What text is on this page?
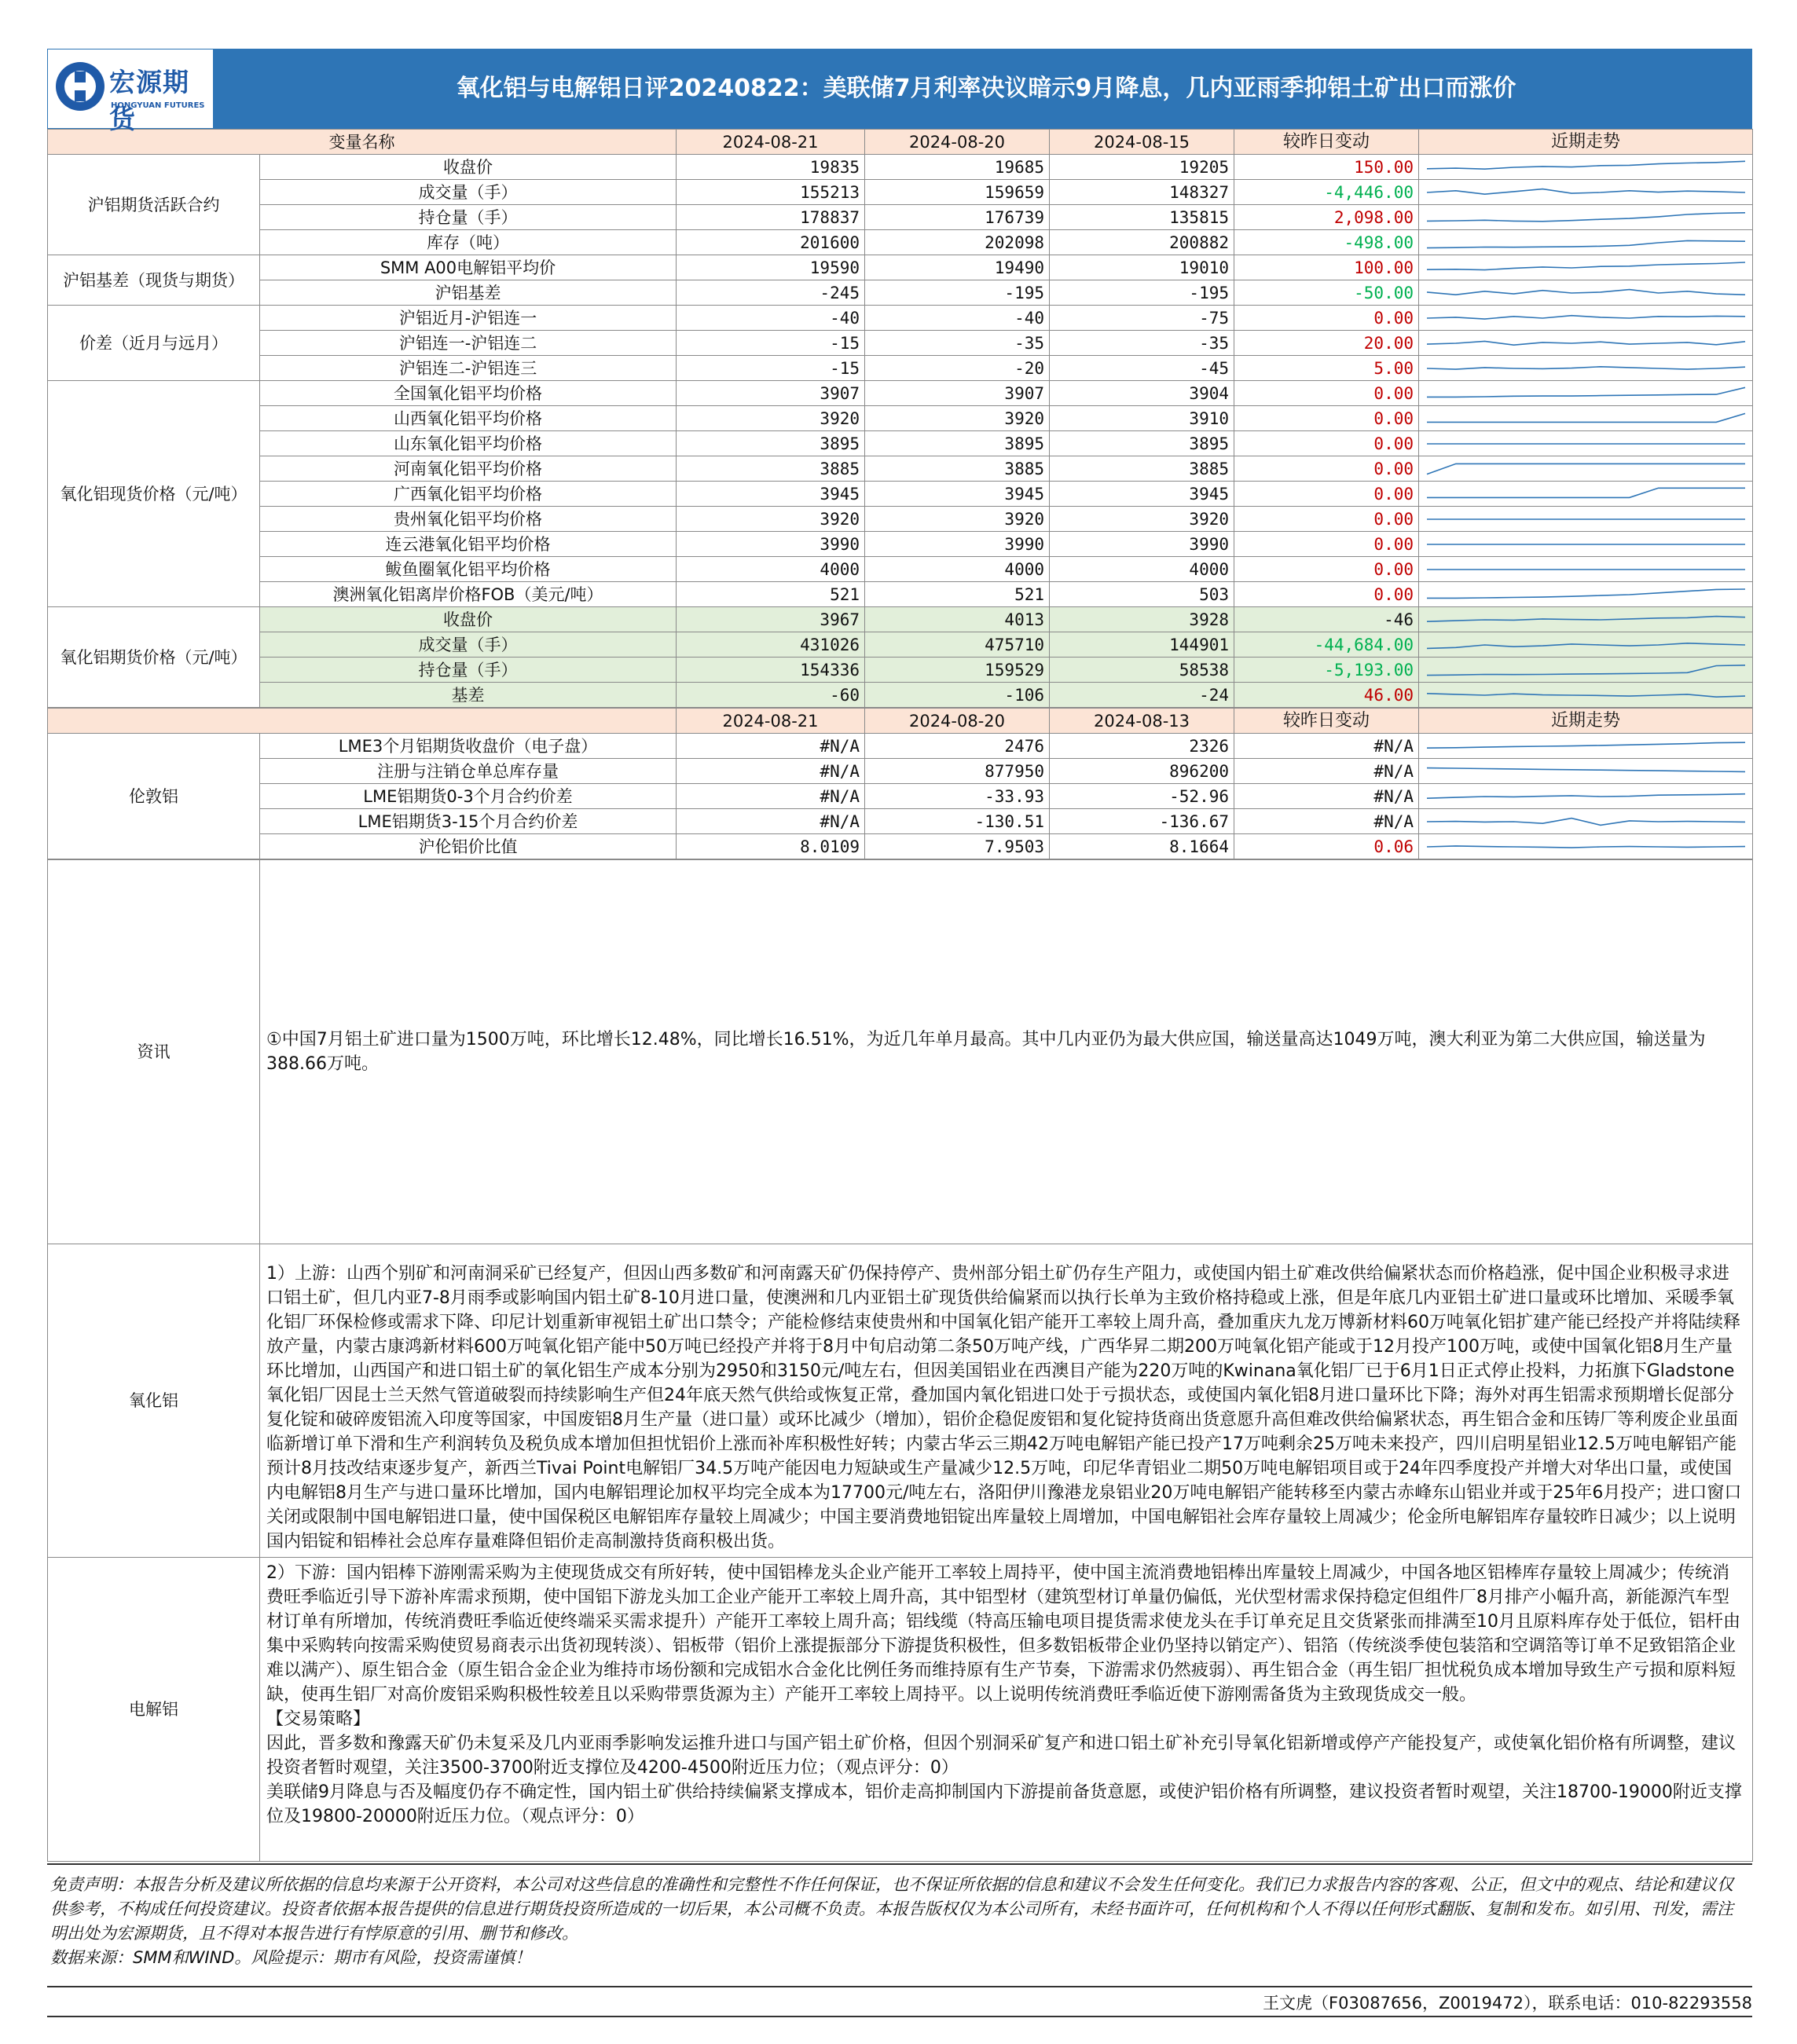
宏源期货
HONGYUAN FUTURES
氧化铝与电解铝日评20240822：美联储7月利率决议暗示9月降息，几内亚雨季抑铝土矿出口而涨价
变量名称		2024-08-21	2024-08-20	2024-08-15	较昨日变动	近期走势
沪铝期货活跃合约	收盘价	19835	19685	19205	150.00	

	成交量（手）	155213	159659	148327	-4,446.00	

	持仓量（手）	178837	176739	135815	2,098.00	

	库存（吨）	201600	202098	200882	-498.00	

沪铝基差（现货与期货）	SMM A00电解铝平均价	19590	19490	19010	100.00	

	沪铝基差	-245	-195	-195	-50.00	

价差（近月与远月）	沪铝近月-沪铝连一	-40	-40	-75	0.00	

	沪铝连一-沪铝连二	-15	-35	-35	20.00	

	沪铝连二-沪铝连三	-15	-20	-45	5.00	

氧化铝现货价格（元/吨）	全国氧化铝平均价格	3907	3907	3904	0.00	

	山西氧化铝平均价格	3920	3920	3910	0.00	

	山东氧化铝平均价格	3895	3895	3895	0.00	

	河南氧化铝平均价格	3885	3885	3885	0.00	

	广西氧化铝平均价格	3945	3945	3945	0.00	

	贵州氧化铝平均价格	3920	3920	3920	0.00	

	连云港氧化铝平均价格	3990	3990	3990	0.00	

	鲅鱼圈氧化铝平均价格	4000	4000	4000	0.00	

	澳洲氧化铝离岸价格FOB（美元/吨）	521	521	503	0.00	

氧化铝期货价格（元/吨）	收盘价	3967	4013	3928	-46	

	成交量（手）	431026	475710	144901	-44,684.00	

	持仓量（手）	154336	159529	58538	-5,193.00	

	基差	-60	-106	-24	46.00	
		2024-08-21	2024-08-20	2024-08-13	较昨日变动	近期走势
伦敦铝	LME3个月铝期货收盘价（电子盘）	#N/A	2476	2326	#N/A	

	注册与注销仓单总库存量	#N/A	877950	896200	#N/A	

	LME铝期货0-3个月合约价差	#N/A	-33.93	-52.96	#N/A	

	LME铝期货3-15个月合约价差	#N/A	-130.51	-136.67	#N/A	

	沪伦铝价比值	8.0109	7.9503	8.1664	0.06	
资讯	①中国7月铝土矿进口量为1500万吨，环比增长12.48%，同比增长16.51%，为近几年单月最高。其中几内亚仍为最大供应国，输送量高达1049万吨，澳大利亚为第二大供应国，输送量为388.66万吨。
氧化铝	1）上游：山西个别矿和河南洞采矿已经复产，但因山西多数矿和河南露天矿仍保持停产、贵州部分铝土矿仍存生产阻力，或使国内铝土矿难改供给偏紧状态而价格趋涨，促中国企业积极寻求进口铝土矿，但几内亚7-8月雨季或影响国内铝土矿8-10月进口量，使澳洲和几内亚铝土矿现货供给偏紧而以执行长单为主致价格持稳或上涨，但是年底几内亚铝土矿进口量或环比增加、采暖季氧化铝厂环保检修或需求下降、印尼计划重新审视铝土矿出口禁令；产能检修结束使贵州和中国氧化铝产能开工率较上周升高，叠加重庆九龙万博新材料60万吨氧化铝扩建产能已经投产并将陆续释放产量，内蒙古康鸿新材料600万吨氧化铝产能中50万吨已经投产并将于8月中旬启动第二条50万吨产线，广西华昇二期200万吨氧化铝产能或于12月投产100万吨，或使中国氧化铝8月生产量环比增加，山西国产和进口铝土矿的氧化铝生产成本分别为2950和3150元/吨左右，但因美国铝业在西澳目产能为220万吨的Kwinana氧化铝厂已于6月1日正式停止投料，力拓旗下Gladstone氧化铝厂因昆士兰天然气管道破裂而持续影响生产但24年底天然气供给或恢复正常，叠加国内氧化铝进口处于亏损状态，或使国内氧化铝8月进口量环比下降；海外对再生铝需求预期增长促部分复化锭和破碎废铝流入印度等国家，中国废铝8月生产量（进口量）或环比减少（增加），铝价企稳促废铝和复化锭持货商出货意愿升高但难改供给偏紧状态，再生铝合金和压铸厂等利废企业虽面临新增订单下滑和生产利润转负及税负成本增加但担忧铝价上涨而补库积极性好转；内蒙古华云三期42万吨电解铝产能已投产17万吨剩余25万吨未来投产，四川启明星铝业12.5万吨电解铝产能预计8月技改结束逐步复产，新西兰Tivai Point电解铝厂34.5万吨产能因电力短缺或生产量减少12.5万吨，印尼华青铝业二期50万吨电解铝项目或于24年四季度投产并增大对华出口量，或使国内电解铝8月生产与进口量环比增加，国内电解铝理论加权平均完全成本为17700元/吨左右，洛阳伊川豫港龙泉铝业20万吨电解铝产能转移至内蒙古赤峰东山铝业并或于25年6月投产；进口窗口关闭或限制中国电解铝进口量，使中国保税区电解铝库存量较上周减少；中国主要消费地铝锭出库量较上周增加，中国电解铝社会库存量较上周减少；伦金所电解铝库存量较昨日减少；以上说明国内铝锭和铝棒社会总库存量难降但铝价走高制激持货商积极出货。
电解铝	2）下游：国内铝棒下游刚需采购为主使现货成交有所好转，使中国铝棒龙头企业产能开工率较上周持平，使中国主流消费地铝棒出库量较上周减少，中国各地区铝棒库存量较上周减少；传统消费旺季临近引导下游补库需求预期，使中国铝下游龙头加工企业产能开工率较上周升高，其中铝型材（建筑型材订单量仍偏低，光伏型材需求保持稳定但组件厂8月排产小幅升高，新能源汽车型材订单有所增加，传统消费旺季临近使终端采买需求提升）产能开工率较上周升高；铝线缆（特高压输电项目提货需求使龙头在手订单充足且交货紧张而排满至10月且原料库存处于低位，铝杆由集中采购转向按需采购使贸易商表示出货初现转淡）、铝板带（铝价上涨提振部分下游提货积极性，但多数铝板带企业仍坚持以销定产）、铝箔（传统淡季使包装箔和空调箔等订单不足致铝箔企业难以满产）、原生铝合金（原生铝合金企业为维持市场份额和完成铝水合金化比例任务而维持原有生产节奏，下游需求仍然疲弱）、再生铝合金（再生铝厂担忧税负成本增加导致生产亏损和原料短缺，使再生铝厂对高价废铝采购积极性较差且以采购带票货源为主）产能开工率较上周持平。以上说明传统消费旺季临近使下游刚需备货为主致现货成交一般。
【交易策略】
因此，晋多数和豫露天矿仍未复采及几内亚雨季影响发运推升进口与国产铝土矿价格，但因个别洞采矿复产和进口铝土矿补充引导氧化铝新增或停产产能投复产，或使氧化铝价格有所调整，建议投资者暂时观望，关注3500-3700附近支撑位及4200-4500附近压力位；（观点评分：0）
美联储9月降息与否及幅度仍存不确定性，国内铝土矿供给持续偏紧支撑成本，铝价走高抑制国内下游提前备货意愿，或使沪铝价格有所调整，建议投资者暂时观望，关注18700-19000附近支撑位及19800-20000附近压力位。（观点评分：0）
免责声明：本报告分析及建议所依据的信息均来源于公开资料，本公司对这些信息的准确性和完整性不作任何保证，也不保证所依据的信息和建议不会发生任何变化。我们已力求报告内容的客观、公正，但文中的观点、结论和建议仅供参考，不构成任何投资建议。投资者依据本报告提供的信息进行期货投资所造成的一切后果，本公司概不负责。本报告版权仅为本公司所有，未经书面许可，任何机构和个人不得以任何形式翻版、复制和发布。如引用、刊发，需注明出处为宏源期货，且不得对本报告进行有悖原意的引用、删节和修改。
数据来源：SMM和WIND。风险提示：期市有风险，投资需谨慎！
王文虎（F03087656，Z0019472），联系电话：010-82293558
